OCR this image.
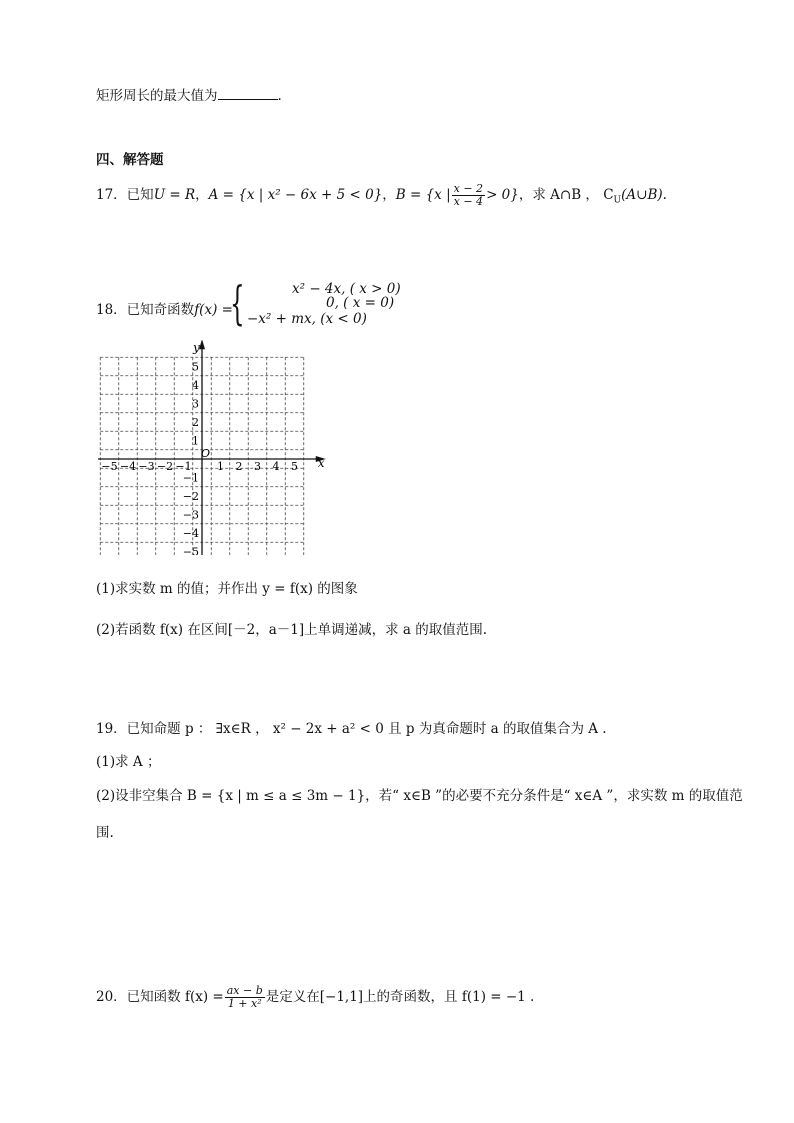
矩形周长的最大值为	.
四、解答题
17．已知U = R，A = {x | x² − 6x + 5 < 0}，B = {x | $\frac{x - 2}{x - 4} > 0$}，求 A∩B ， $C_U(A\cup B)$.
18．已知奇函数f(x) =
{	x² − 4x, ( x > 0)
0, ( x = 0)
−x² + mx, (x < 0)
x
y
O
−5 −4 −3 −2 −1 1 2 3 4 5
5
4
3
2
1
−1
−2
−3
−4
−5
(1)求实数 m 的值；并作出 y = f(x) 的图象
(2)若函数 f(x) 在区间[－2，a－1]上单调递减，求 a 的取值范围.
19．已知命题 p ： ∃x∈R ， x² − 2x + a² < 0 且 p 为真命题时 a 的取值集合为 A .
(1)求 A ；
(2)设非空集合 B = {x | m ≤ a ≤ 3m − 1}，若“ x∈B ”的必要不充分条件是“ x∈A ”，求实数 m 的取值范
围.
20．已知函数 $f(x) = \frac{ax - b}{\text{1 + x²}}$ 是定义在[−1,1]上的奇函数，且 f(1) = −1 .
